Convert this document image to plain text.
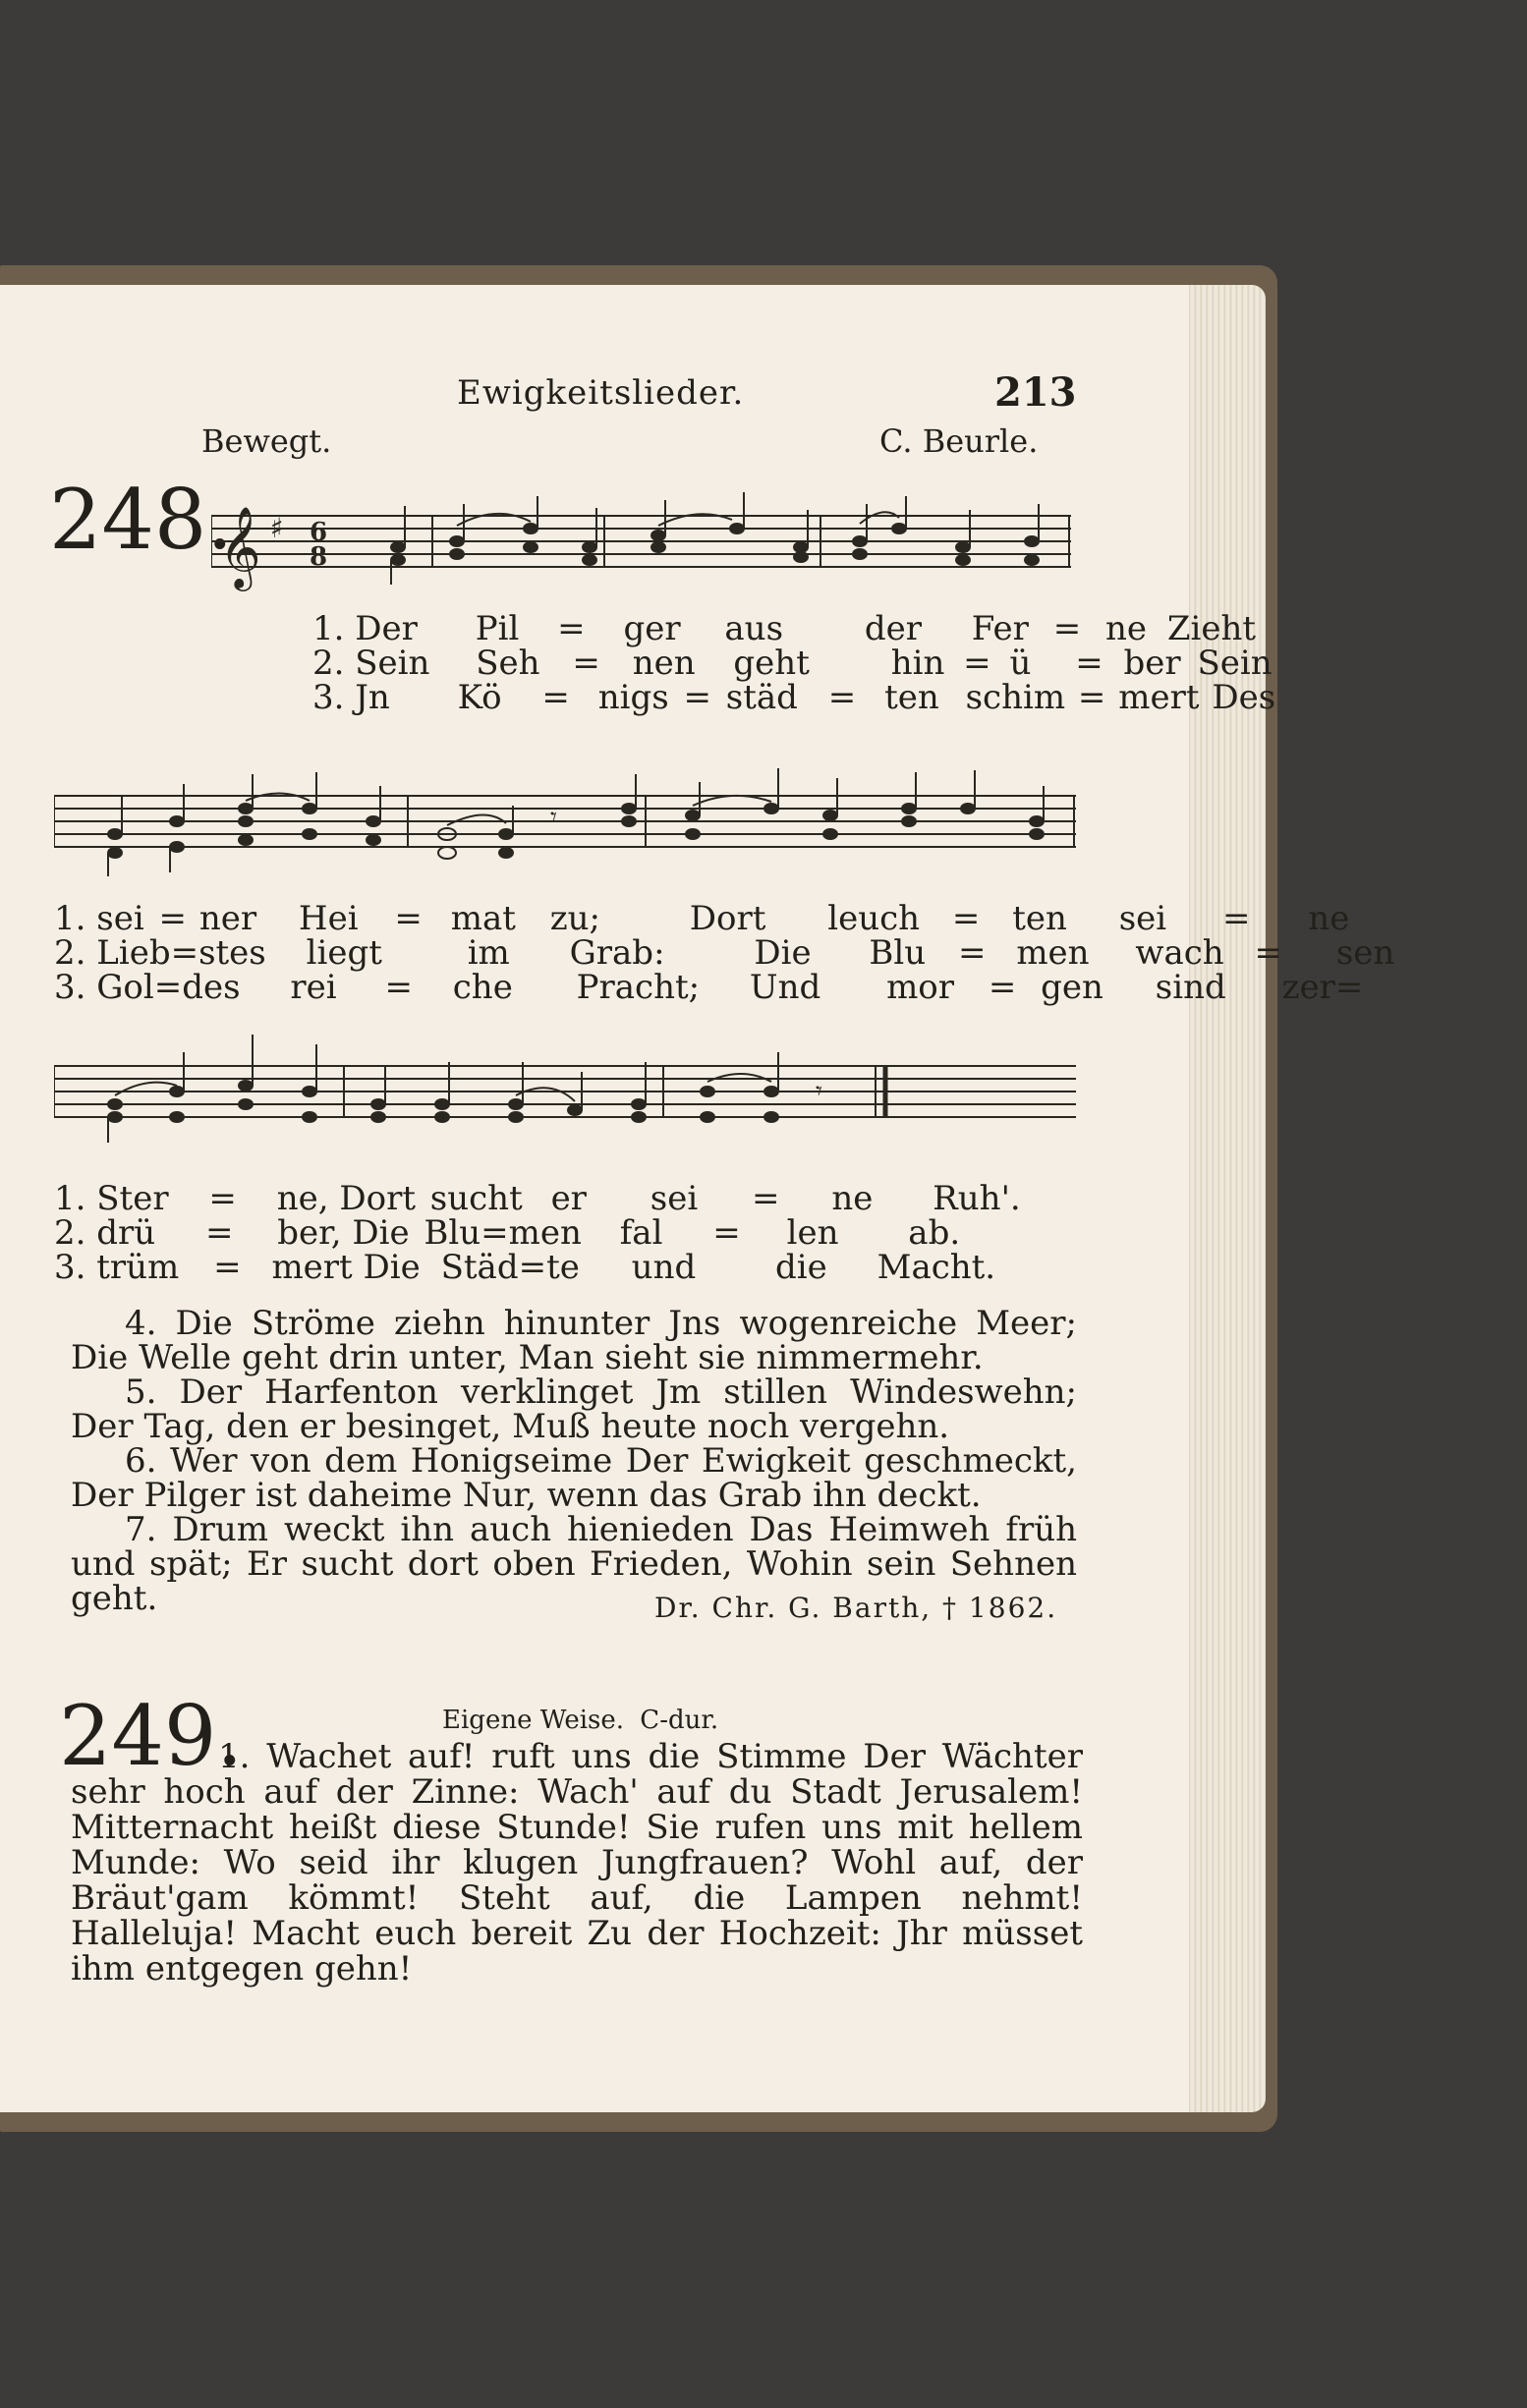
Ewigkeitslieder.	213
Bewegt.	C. Beurle.
248.
𝄞 ♯ 6
8
1. Der Pil = ger aus der Fer = ne Zieht
2. Sein Seh = nen geht hin = ü = ber Sein
3. Jn Kö = nigs = städ = ten schim = mert Des
𝄾
1. sei = ner Hei = mat zu;	Dort leuch = ten sei = ne
2. Lieb=stes liegt	im Grab:	Die Blu = men wach = sen
3. Gol=des rei = che Pracht; Und mor = gen sind zer=
𝄾
1. Ster = ne, Dort sucht er sei = ne Ruh'.
2. drü = ber, Die Blu=men fal = len ab.
3. trüm = mert Die Städ=te und die Macht.

4. Die Ströme ziehn hinunter Jns wogenreiche Meer; Die Welle geht drin unter, Man sieht sie nimmermehr.

5. Der Harfenton verklinget Jm stillen Windeswehn; Der Tag, den er besinget, Muß heute noch vergehn.

6. Wer von dem Honigseime Der Ewigkeit geschmeckt, Der Pilger ist daheime Nur, wenn das Grab ihn deckt.

7. Drum weckt ihn auch hienieden Das Heimweh früh und spät; Er sucht dort oben Frieden, Wohin sein Sehnen geht.	Dr. Chr. G. Barth, † 1862.
249.	Eigene Weise. C-dur.

1. Wachet auf! ruft uns die Stimme Der Wächter sehr hoch auf der Zinne: Wach' auf du Stadt Jerusalem! Mitternacht heißt diese Stunde! Sie rufen uns mit hellem Munde: Wo seid ihr klugen Jungfrauen? Wohl auf, der Bräut'gam kömmt! Steht auf, die Lampen nehmt! Halleluja! Macht euch bereit Zu der Hochzeit: Jhr müsset ihm entgegen gehn!
